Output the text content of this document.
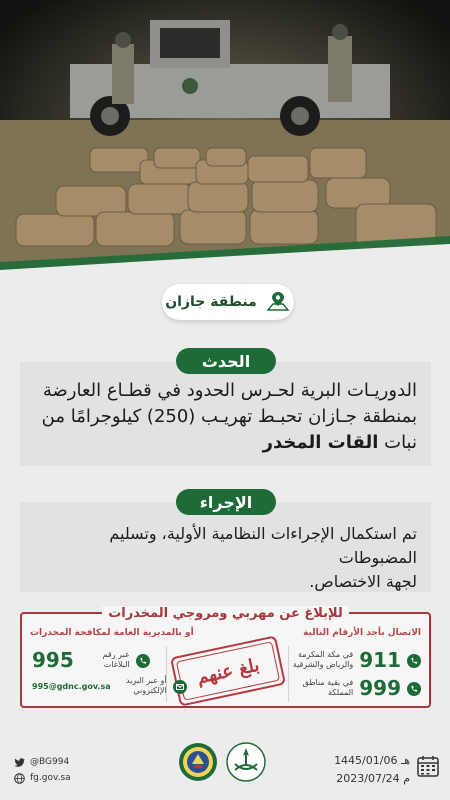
منطقة جازان
الدوريـات البرية لحـرس الحدود في قطـاع العارضة
بمنطقة جـازان تحبـط تهريـب (250) كيلوجرامًا من
نبات القات المخدر
الحدث
تم استكمال الإجراءات النظامية الأولية، وتسليم المضبوطات
لجهة الاختصاص.
الإجراء
للإبلاغ عن مهربي ومروجي المخدرات
الاتصال بأحد الأرقام التالية
أو بالمديرية العامة لمكافحة المخدرات
911
في مكة المكرمة والرياض والشرقية
999
في بقية مناطق المملكة
بلغ عنهم
995	عبر رقم البلاغات
995@gdnc.gov.sa
أو عبر البريد الإلكتروني
@BG994
fg.gov.sa
1445/01/06 هـ
2023/07/24 م
